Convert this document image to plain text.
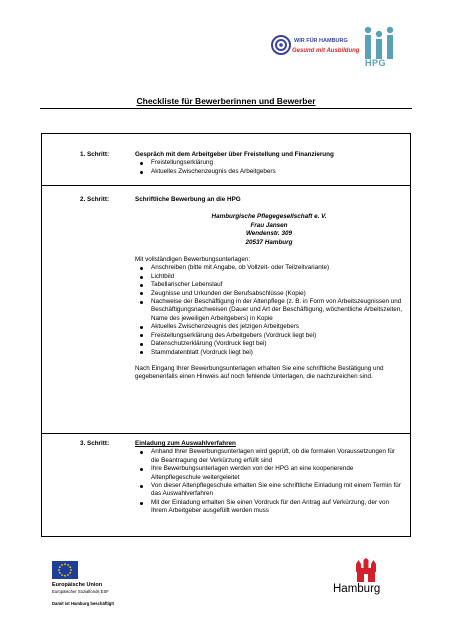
WIR FÜR HAMBURG
Gesund mit Ausbildung
HPG
Checkliste für Bewerberinnen und Bewerber
1. Schritt:	Gespräch mit dem Arbeitgeber über Freistellung und Finanzierung
Freistellungserklärung
Aktuelles Zwischenzeugnis des Arbeitgebers
2. Schritt:	Schriftliche Bewerbung an die HPG
Hamburgische Pflegegesellschaft e. V.
Frau Jansen
Wendenstr. 309
20537 Hamburg
Mit vollständigen Bewerbungsunterlagen:
Anschreiben (bitte mit Angabe, ob Vollzeit- oder Teilzeitvariante)
Lichtbild
Tabellarischer Lebenslauf
Zeugnisse und Urkunden der Berufsabschlüsse (Kopie)
Nachweise der Beschäftigung in der Altenpflege (z. B. in Form von Arbeitszeugnissen und Beschäftigungsnachweisen (Dauer und Art der Beschäftigung, wöchentliche Arbeitszeiten, Name des jeweiligen Arbeitgebers) in Kopie
Aktuelles Zwischenzeugnis des jetzigen Arbeitgebers
Freistellungserklärung des Arbeitgebers (Vordruck liegt bei)
Datenschutzerklärung (Vordruck liegt bei)
Stammdatenblatt (Vordruck liegt bei)
Nach Eingang Ihrer Bewerbungsunterlagen erhalten Sie eine schriftliche Bestätigung und gegebenenfalls einen Hinweis auf noch fehlende Unterlagen, die nachzureichen sind.
3. Schritt:	Einladung zum Auswahlverfahren
Anhand Ihrer Bewerbungsunterlagen wird geprüft, ob die formalen Voraussetzungen für die Beantragung der Verkürzung erfüllt sind
Ihre Bewerbungsunterlagen werden von der HPG an eine kooperierende Altenpflegeschule weitergeleitet
Von dieser Altenpflegeschule erhalten Sie eine schriftliche Einladung mit einem Termin für das Auswahlverfahren
Mit der Einladung erhalten Sie einen Vordruck für den Antrag auf Verkürzung, der von Ihrem Arbeitgeber ausgefüllt werden muss
Europäische Union
Europäischer Sozialfonds ESF
Damit ist Hamburg beschäftigt!
Hamburg
